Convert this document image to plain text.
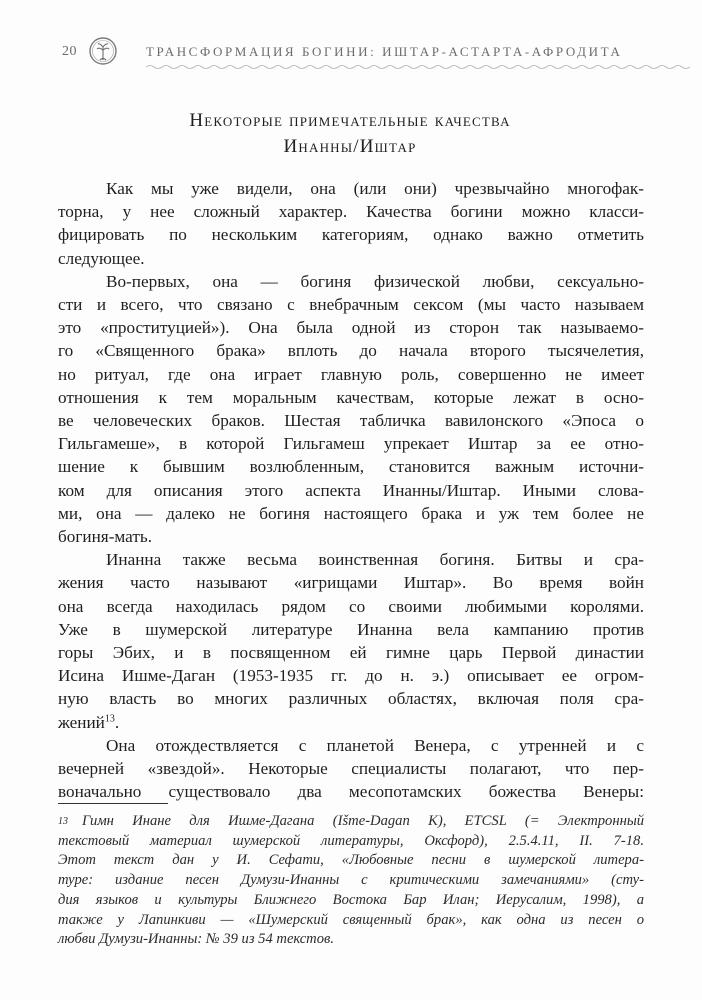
20	ТРАНСФОРМАЦИЯ БОГИНИ: ИШТАР-АСТАРТА-АФРОДИТА
Некоторые примечательные качества
Инанны/Иштар

Как мы уже видели, она (или они) чрезвычайно многофак-
торна, у нее сложный характер. Качества богини можно класси-
фицировать по нескольким категориям, однако важно отметить
следующее.

Во-первых, она — богиня физической любви, сексуально-
сти и всего, что связано с внебрачным сексом (мы часто называем
это «проституцией»). Она была одной из сторон так называемо-
го «Священного брака» вплоть до начала второго тысячелетия,
но ритуал, где она играет главную роль, совершенно не имеет
отношения к тем моральным качествам, которые лежат в осно-
ве человеческих браков. Шестая табличка вавилонского «Эпоса о
Гильгамеше», в которой Гильгамеш упрекает Иштар за ее отно-
шение к бывшим возлюбленным, становится важным источни-
ком для описания этого аспекта Инанны/Иштар. Иными слова-
ми, она — далеко не богиня настоящего брака и уж тем более не
богиня-мать.

Инанна также весьма воинственная богиня. Битвы и сра-
жения часто называют «игрищами Иштар». Во время войн
она всегда находилась рядом со своими любимыми королями.
Уже в шумерской литературе Инанна вела кампанию против
горы Эбих, и в посвященном ей гимне царь Первой династии
Исина Ишме-Даган (1953-1935 гг. до н. э.) описывает ее огром-
ную власть во многих различных областях, включая поля сра-
жений$^{13}$.

Она отождествляется с планетой Венера, с утренней и с
вечерней «звездой». Некоторые специалисты полагают, что пер-
воначально существовало два месопотамских божества Венеры:

$^{13}$ Гимн Инане для Ишме-Дагана (Išme-Dagan K), ETCSL (= Электронный
текстовый материал шумерской литературы, Оксфорд), 2.5.4.11, II. 7-18.
Этот текст дан у И. Сефати, «Любовные песни в шумерской литера-
туре: издание песен Думузи-Инанны с критическими замечаниями» (сту-
дия языков и культуры Ближнего Востока Бар Илан; Иерусалим, 1998), а
также у Лапинкиви — «Шумерский священный брак», как одна из песен о
любви Думузи-Инанны: № 39 из 54 текстов.
